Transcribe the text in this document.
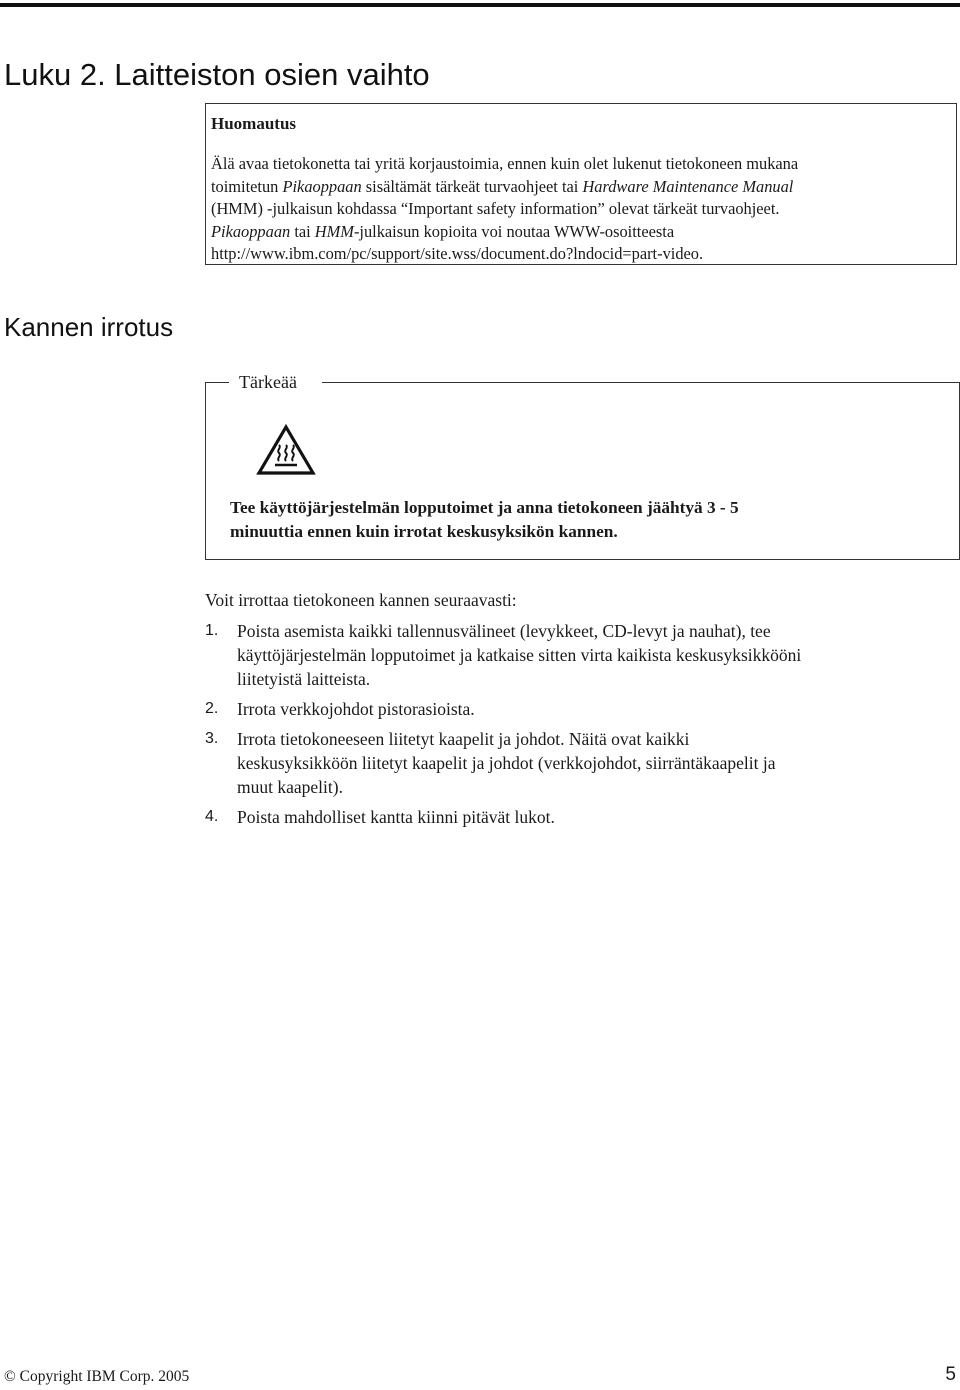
Luku 2. Laitteiston osien vaihto
Huomautus

Älä avaa tietokonetta tai yritä korjaustoimia, ennen kuin olet lukenut tietokoneen mukana
toimitetun Pikaoppaan sisältämät tärkeät turvaohjeet tai Hardware Maintenance Manual
(HMM) -julkaisun kohdassa “Important safety information” olevat tärkeät turvaohjeet.
Pikaoppaan tai HMM-julkaisun kopioita voi noutaa WWW-osoitteesta
http://www.ibm.com/pc/support/site.wss/document.do?lndocid=part-video.

Kannen irrotus
Tärkeää

Tee käyttöjärjestelmän lopputoimet ja anna tietokoneen jäähtyä 3 - 5
minuuttia ennen kuin irrotat keskusyksikön kannen.

Voit irrottaa tietokoneen kannen seuraavasti:

1. Poista asemista kaikki tallennusvälineet (levykkeet, CD-levyt ja nauhat), tee
käyttöjärjestelmän lopputoimet ja katkaise sitten virta kaikista keskusyksikkööni
liitetyistä laitteista.
2. Irrota verkkojohdot pistorasioista.
3. Irrota tietokoneeseen liitetyt kaapelit ja johdot. Näitä ovat kaikki
keskusyksikköön liitetyt kaapelit ja johdot (verkkojohdot, siirräntäkaapelit ja
muut kaapelit).
4. Poista mahdolliset kantta kiinni pitävät lukot.
© Copyright IBM Corp. 2005	5
